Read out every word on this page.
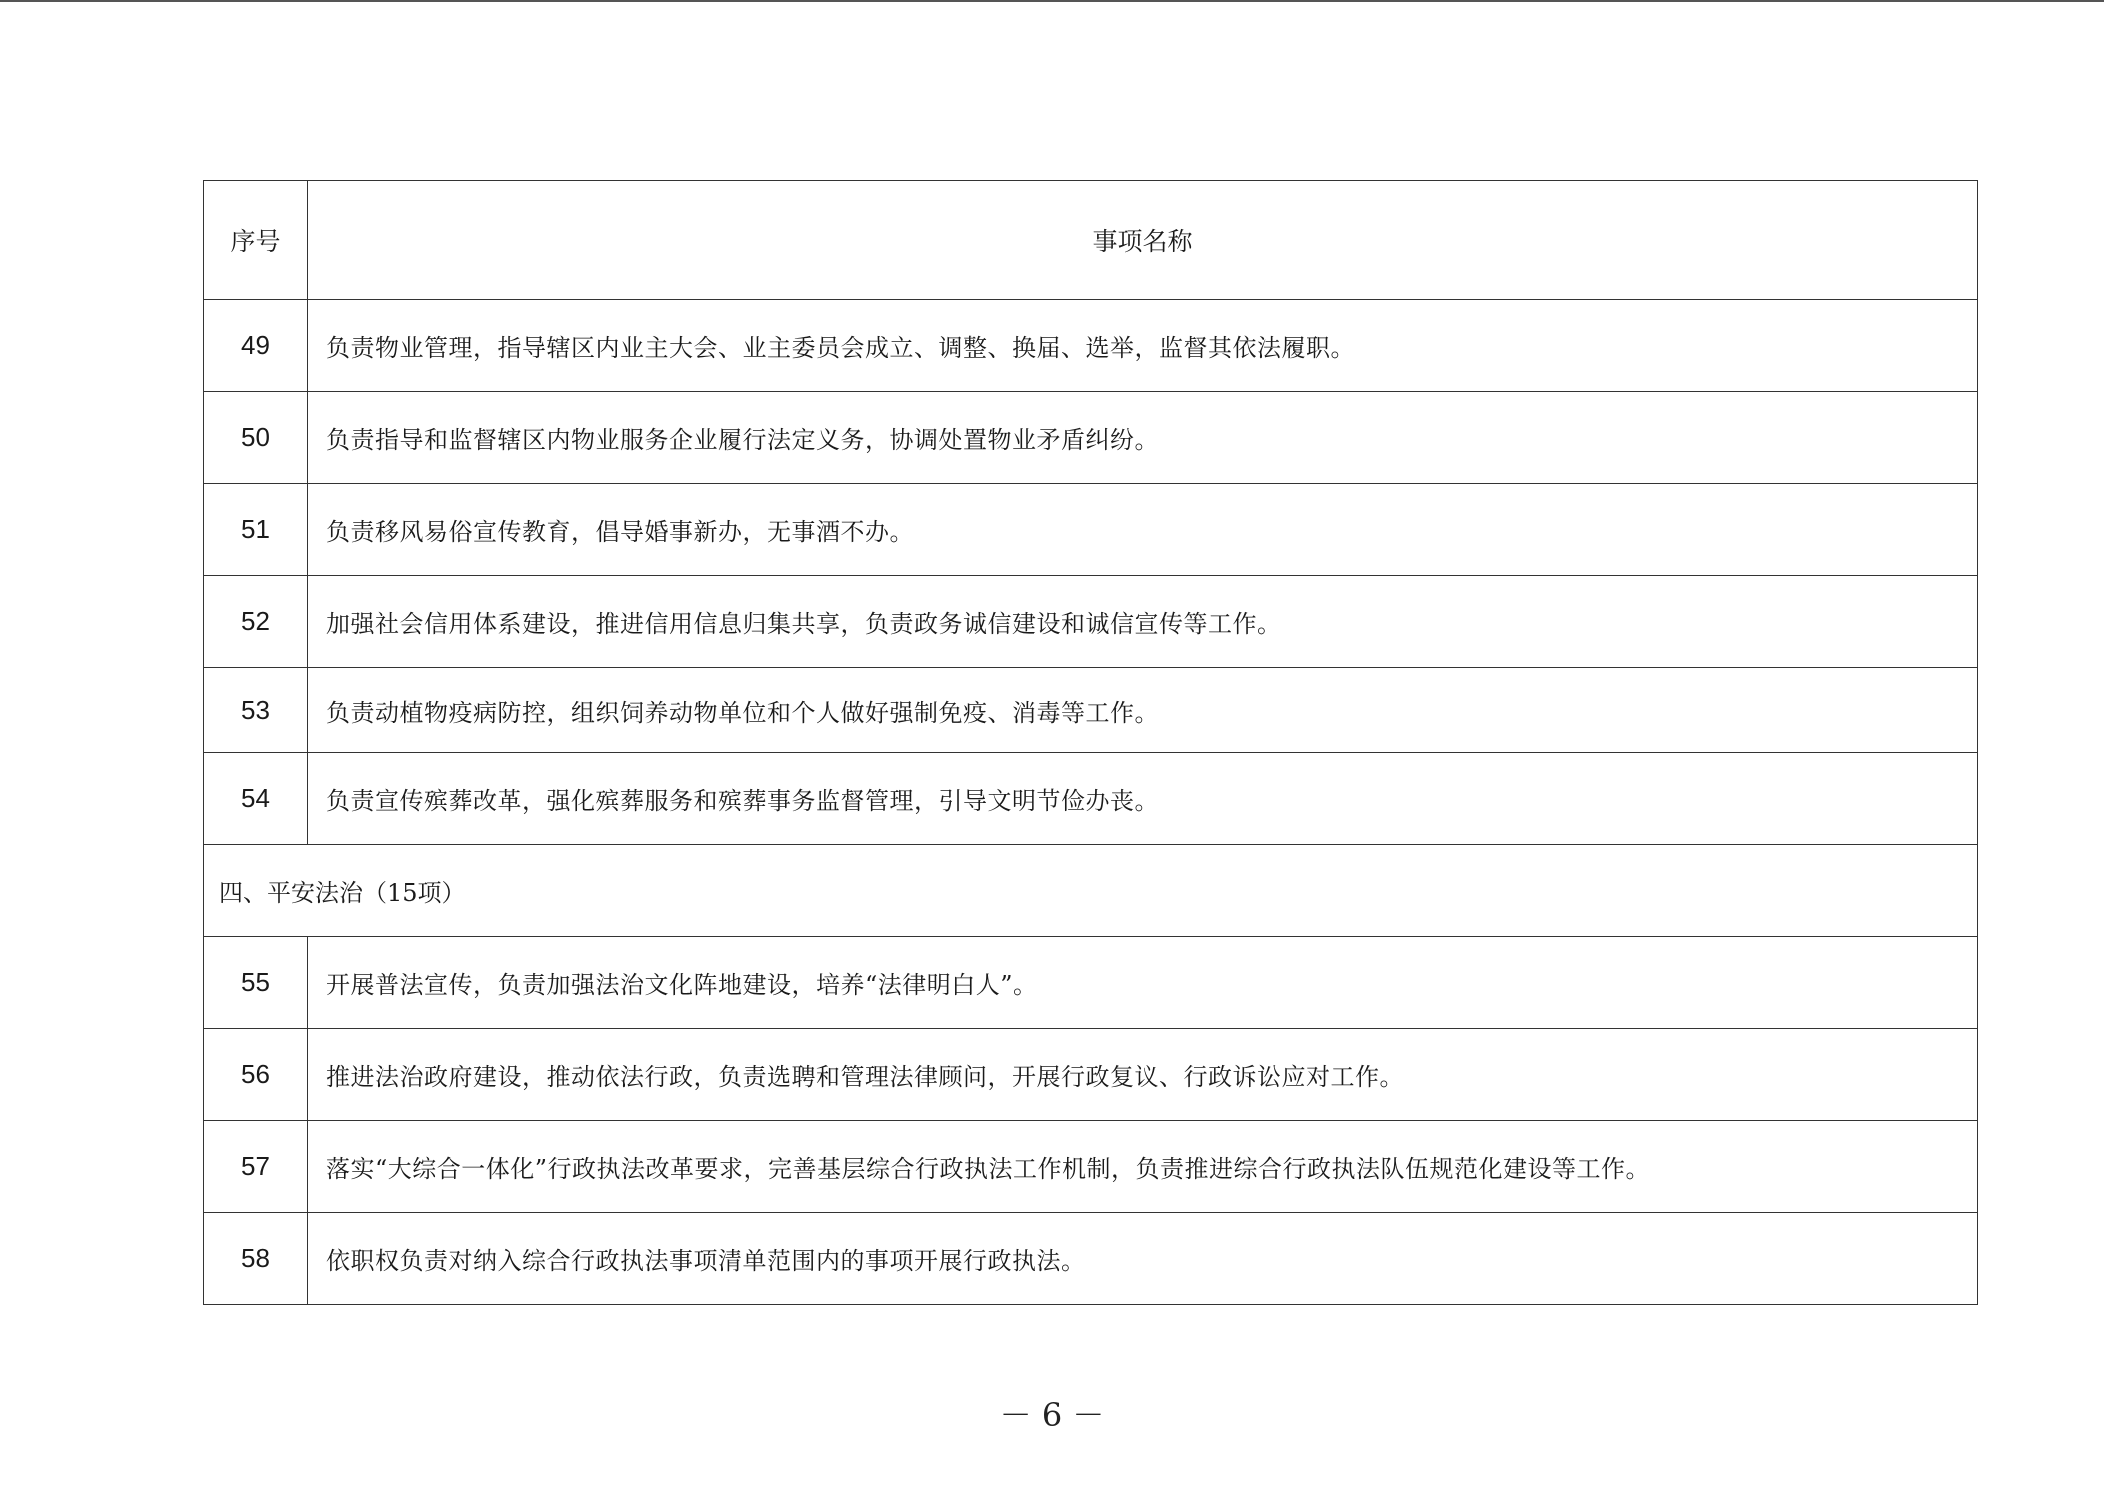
序号	事项名称
49	负责物业管理，指导辖区内业主大会、业主委员会成立、调整、换届、选举，监督其依法履职。
50	负责指导和监督辖区内物业服务企业履行法定义务，协调处置物业矛盾纠纷。
51	负责移风易俗宣传教育，倡导婚事新办，无事酒不办。
52	加强社会信用体系建设，推进信用信息归集共享，负责政务诚信建设和诚信宣传等工作。
53	负责动植物疫病防控，组织饲养动物单位和个人做好强制免疫、消毒等工作。
54	负责宣传殡葬改革，强化殡葬服务和殡葬事务监督管理，引导文明节俭办丧。
四、平安法治（15项）	
55	开展普法宣传，负责加强法治文化阵地建设，培养“法律明白人”。
56	推进法治政府建设，推动依法行政，负责选聘和管理法律顾问，开展行政复议、行政诉讼应对工作。
57	落实“大综合一体化”行政执法改革要求，完善基层综合行政执法工作机制，负责推进综合行政执法队伍规范化建设等工作。
58	依职权负责对纳入综合行政执法事项清单范围内的事项开展行政执法。
－ 6 －
